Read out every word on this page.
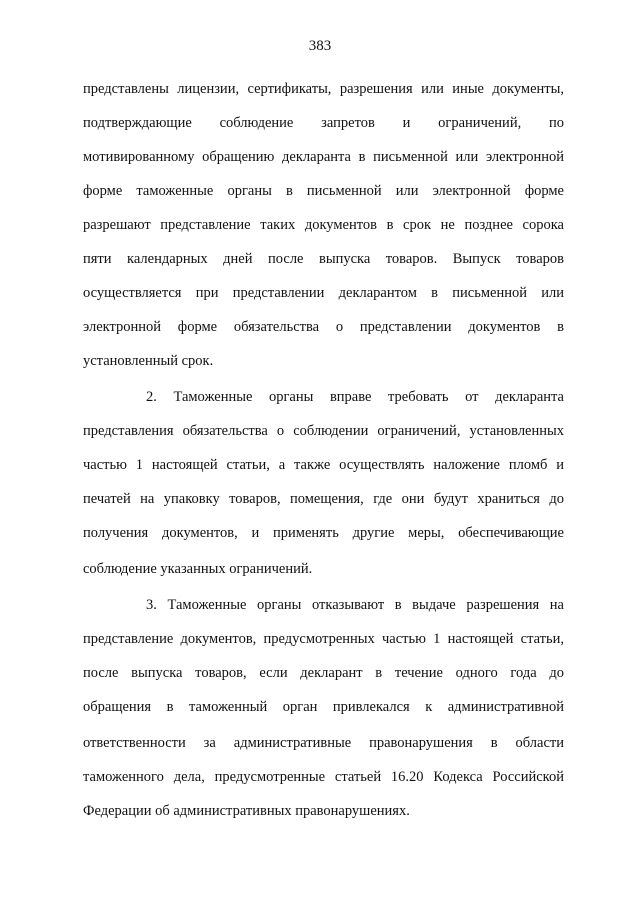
383
представлены лицензии, сертификаты, разрешения или иные документы,
подтверждающие соблюдение запретов и ограничений, по
мотивированному обращению декларанта в письменной или электронной
форме таможенные органы в письменной или электронной форме
разрешают представление таких документов в срок не позднее сорока
пяти календарных дней после выпуска товаров. Выпуск товаров
осуществляется при представлении декларантом в письменной или
электронной форме обязательства о представлении документов в
установленный срок.
2. Таможенные органы вправе требовать от декларанта
представления обязательства о соблюдении ограничений, установленных
частью 1 настоящей статьи, а также осуществлять наложение пломб и
печатей на упаковку товаров, помещения, где они будут храниться до
получения документов, и применять другие меры, обеспечивающие
соблюдение указанных ограничений.
3. Таможенные органы отказывают в выдаче разрешения на
представление документов, предусмотренных частью 1 настоящей статьи,
после выпуска товаров, если декларант в течение одного года до
обращения в таможенный орган привлекался к административной
ответственности за административные правонарушения в области
таможенного дела, предусмотренные статьей 16.20 Кодекса Российской
Федерации об административных правонарушениях.
